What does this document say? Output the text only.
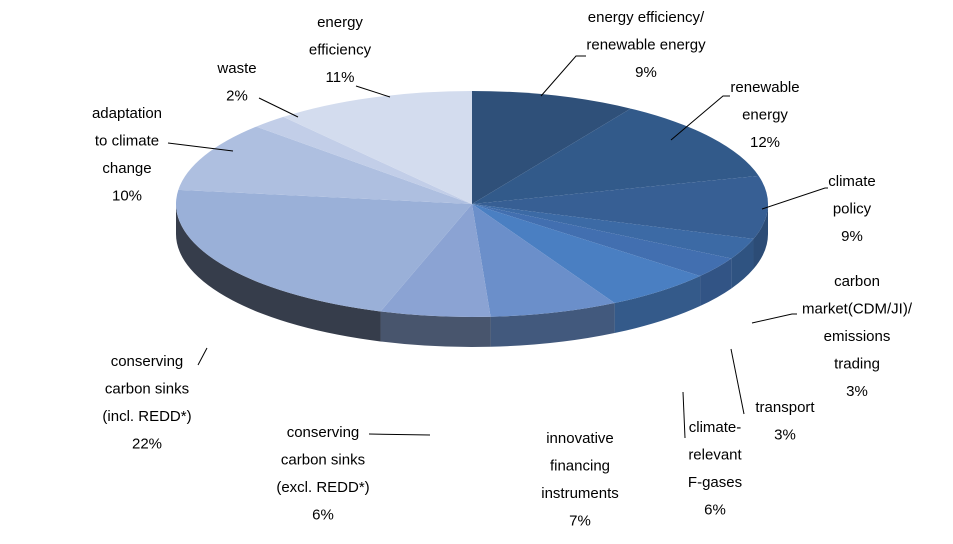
energy efficiency/ renewable energy 9%
renewable energy 12%
climate policy 9%
carbon market(CDM/JI)/ emissions trading 3%
transport 3%
climate-relevant F-gases 6%
innovative financing instruments 7%
conserving carbon sinks (excl. REDD*) 6%
conserving carbon sinks (incl. REDD*) 22%
adaptation to climate change 10%
waste 2%
energy efficiency 11%
